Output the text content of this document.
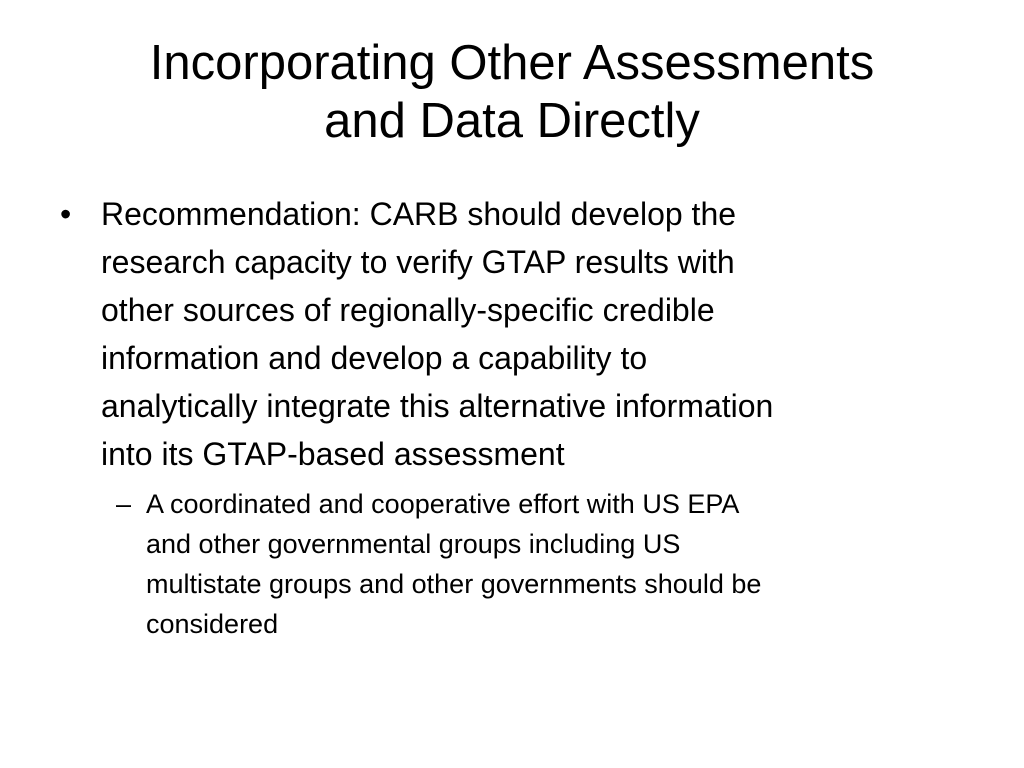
Incorporating Other Assessments
and Data Directly
• Recommendation: CARB should develop the
research capacity to verify GTAP results with
other sources of regionally-specific credible
information and develop a capability to
analytically integrate this alternative information
into its GTAP-based assessment
– A coordinated and cooperative effort with US EPA
and other governmental groups including US
multistate groups and other governments should be
considered
